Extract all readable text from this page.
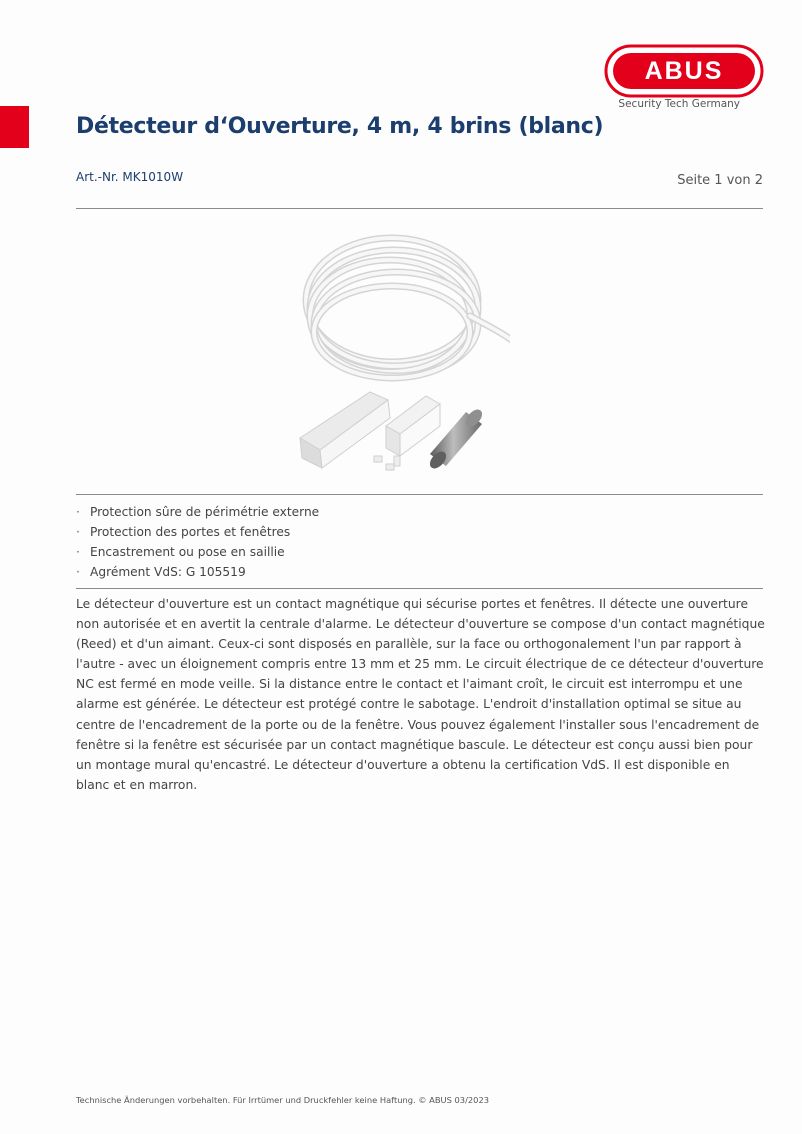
ABUS
Security Tech Germany
Détecteur d‘Ouverture, 4 m, 4 brins (blanc)
Art.-Nr. MK1010W	Seite 1 von 2
· Protection sûre de périmétrie externe
· Protection des portes et fenêtres
· Encastrement ou pose en saillie
· Agrément VdS: G 105519

Le détecteur d'ouverture est un contact magnétique qui sécurise portes et fenêtres. Il détecte une ouverture non autorisée et en avertit la centrale d'alarme. Le détecteur d'ouverture se compose d'un contact magnétique (Reed) et d'un aimant. Ceux-ci sont disposés en parallèle, sur la face ou orthogonalement l'un par rapport à l'autre - avec un éloignement compris entre 13 mm et 25 mm. Le circuit électrique de ce détecteur d'ouverture NC est fermé en mode veille. Si la distance entre le contact et l'aimant croît, le circuit est interrompu et une alarme est générée. Le détecteur est protégé contre le sabotage. L'endroit d'installation optimal se situe au centre de l'encadrement de la porte ou de la fenêtre. Vous pouvez également l'installer sous l'encadrement de fenêtre si la fenêtre est sécurisée par un contact magnétique bascule. Le détecteur est conçu aussi bien pour un montage mural qu'encastré. Le détecteur d'ouverture a obtenu la certification VdS. Il est disponible en blanc et en marron.

Technische Änderungen vorbehalten. Für Irrtümer und Druckfehler keine Haftung. © ABUS 03/2023
